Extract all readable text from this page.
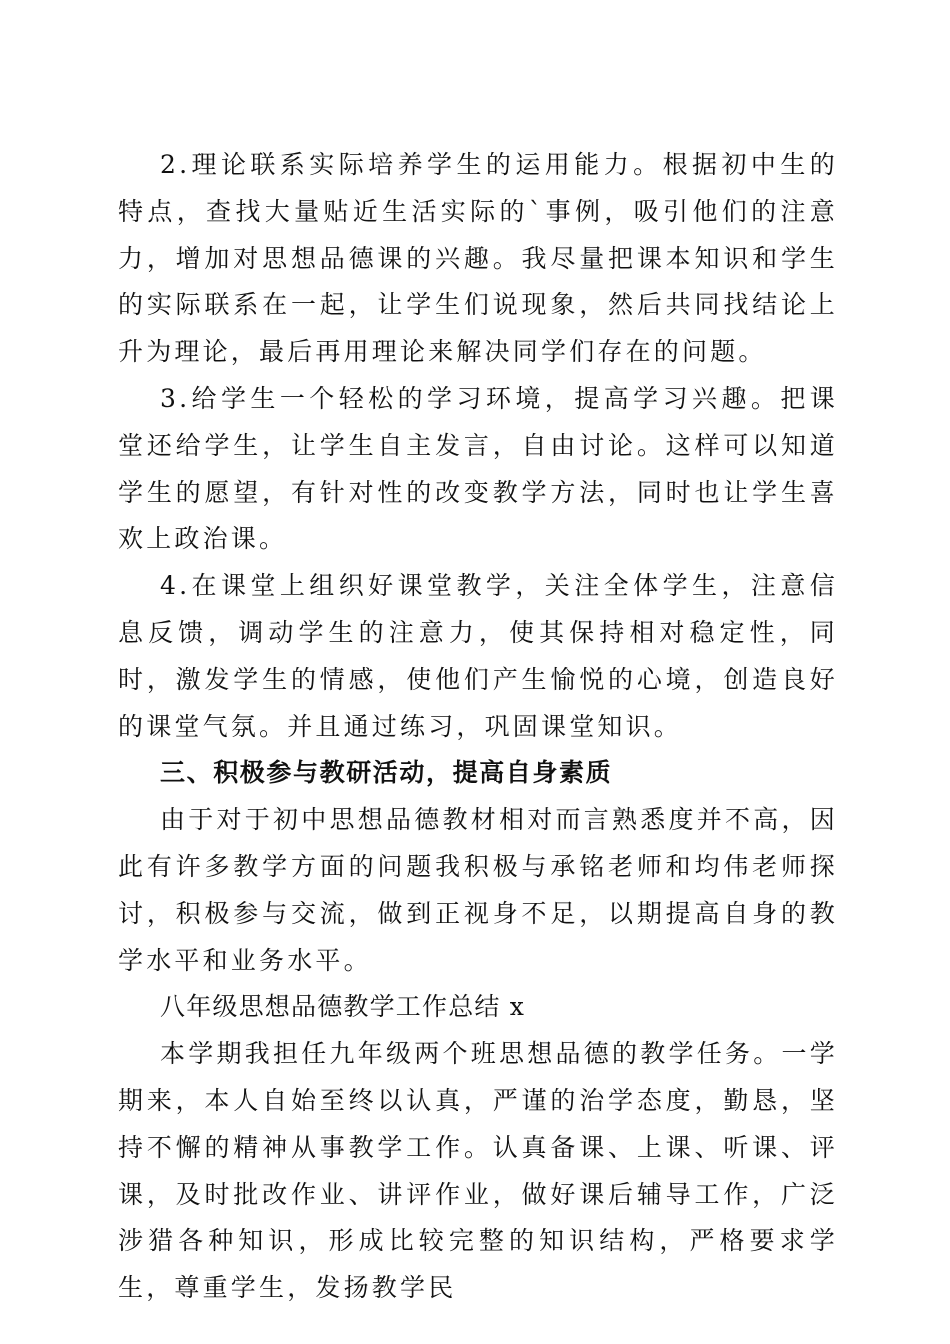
2.理论联系实际培养学生的运用能力。根据初中生的特点，查找大量贴近生活实际的`事例，吸引他们的注意力，增加对思想品德课的兴趣。我尽量把课本知识和学生的实际联系在一起，让学生们说现象，然后共同找结论上升为理论，最后再用理论来解决同学们存在的问题。

3.给学生一个轻松的学习环境，提高学习兴趣。把课堂还给学生，让学生自主发言，自由讨论。这样可以知道学生的愿望，有针对性的改变教学方法，同时也让学生喜欢上政治课。

4.在课堂上组织好课堂教学，关注全体学生，注意信息反馈，调动学生的注意力，使其保持相对稳定性，同时，激发学生的情感，使他们产生愉悦的心境，创造良好的课堂气氛。并且通过练习，巩固课堂知识。

三、积极参与教研活动，提高自身素质

由于对于初中思想品德教材相对而言熟悉度并不高，因此有许多教学方面的问题我积极与承铭老师和均伟老师探讨，积极参与交流，做到正视身不足，以期提高自身的教学水平和业务水平。

八年级思想品德教学工作总结 x

本学期我担任九年级两个班思想品德的教学任务。一学期来，本人自始至终以认真，严谨的治学态度，勤恳，坚持不懈的精神从事教学工作。认真备课、上课、听课、评课，及时批改作业、讲评作业，做好课后辅导工作，广泛涉猎各种知识，形成比较完整的知识结构，严格要求学生，尊重学生，发扬教学民
